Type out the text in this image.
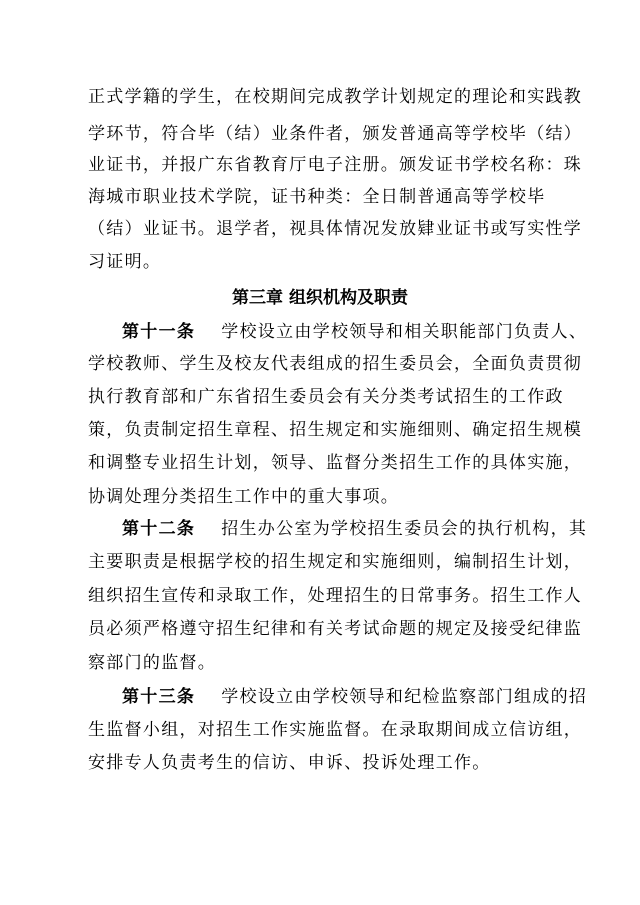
正式学籍的学生，在校期间完成教学计划规定的理论和实践教
学环节，符合毕（结）业条件者，颁发普通高等学校毕（结）
业证书，并报广东省教育厅电子注册。颁发证书学校名称：珠
海城市职业技术学院，证书种类：全日制普通高等学校毕
（结）业证书。退学者，视具体情况发放肄业证书或写实性学
习证明。
第三章 组织机构及职责
第十一条 学校设立由学校领导和相关职能部门负责人、
学校教师、学生及校友代表组成的招生委员会，全面负责贯彻
执行教育部和广东省招生委员会有关分类考试招生的工作政
策，负责制定招生章程、招生规定和实施细则、确定招生规模
和调整专业招生计划，领导、监督分类招生工作的具体实施，
协调处理分类招生工作中的重大事项。
第十二条 招生办公室为学校招生委员会的执行机构，其
主要职责是根据学校的招生规定和实施细则，编制招生计划，
组织招生宣传和录取工作，处理招生的日常事务。招生工作人
员必须严格遵守招生纪律和有关考试命题的规定及接受纪律监
察部门的监督。
第十三条 学校设立由学校领导和纪检监察部门组成的招
生监督小组，对招生工作实施监督。在录取期间成立信访组，
安排专人负责考生的信访、申诉、投诉处理工作。
